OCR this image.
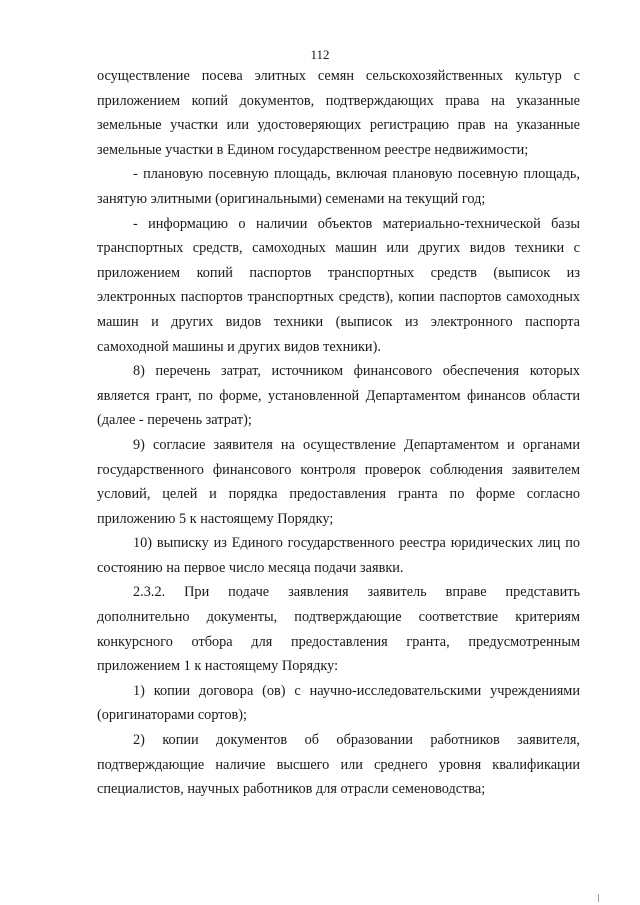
112

осуществление посева элитных семян сельскохозяйственных культур с приложением копий документов, подтверждающих права на указанные земельные участки или удостоверяющих регистрацию прав на указанные земельные участки в Едином государственном реестре недвижимости;

- плановую посевную площадь, включая плановую посевную площадь, занятую элитными (оригинальными) семенами на текущий год;

- информацию о наличии объектов материально-технической базы транспортных средств, самоходных машин или других видов техники с приложением копий паспортов транспортных средств (выписок из электронных паспортов транспортных средств), копии паспортов самоходных машин и других видов техники (выписок из электронного паспорта самоходной машины и других видов техники).

8) перечень затрат, источником финансового обеспечения которых является грант, по форме, установленной Департаментом финансов области (далее - перечень затрат);

9) согласие заявителя на осуществление Департаментом и органами государственного финансового контроля проверок соблюдения заявителем условий, целей и порядка предоставления гранта по форме согласно приложению 5 к настоящему Порядку;

10) выписку из Единого государственного реестра юридических лиц по состоянию на первое число месяца подачи заявки.

2.3.2. При подаче заявления заявитель вправе представить дополнительно документы, подтверждающие соответствие критериям конкурсного отбора для предоставления гранта, предусмотренным приложением 1 к настоящему Порядку:

1) копии договора (ов) с научно-исследовательскими учреждениями (оригинаторами сортов);

2) копии документов об образовании работников заявителя, подтверждающие наличие высшего или среднего уровня квалификации специалистов, научных работников для отрасли семеноводства;
